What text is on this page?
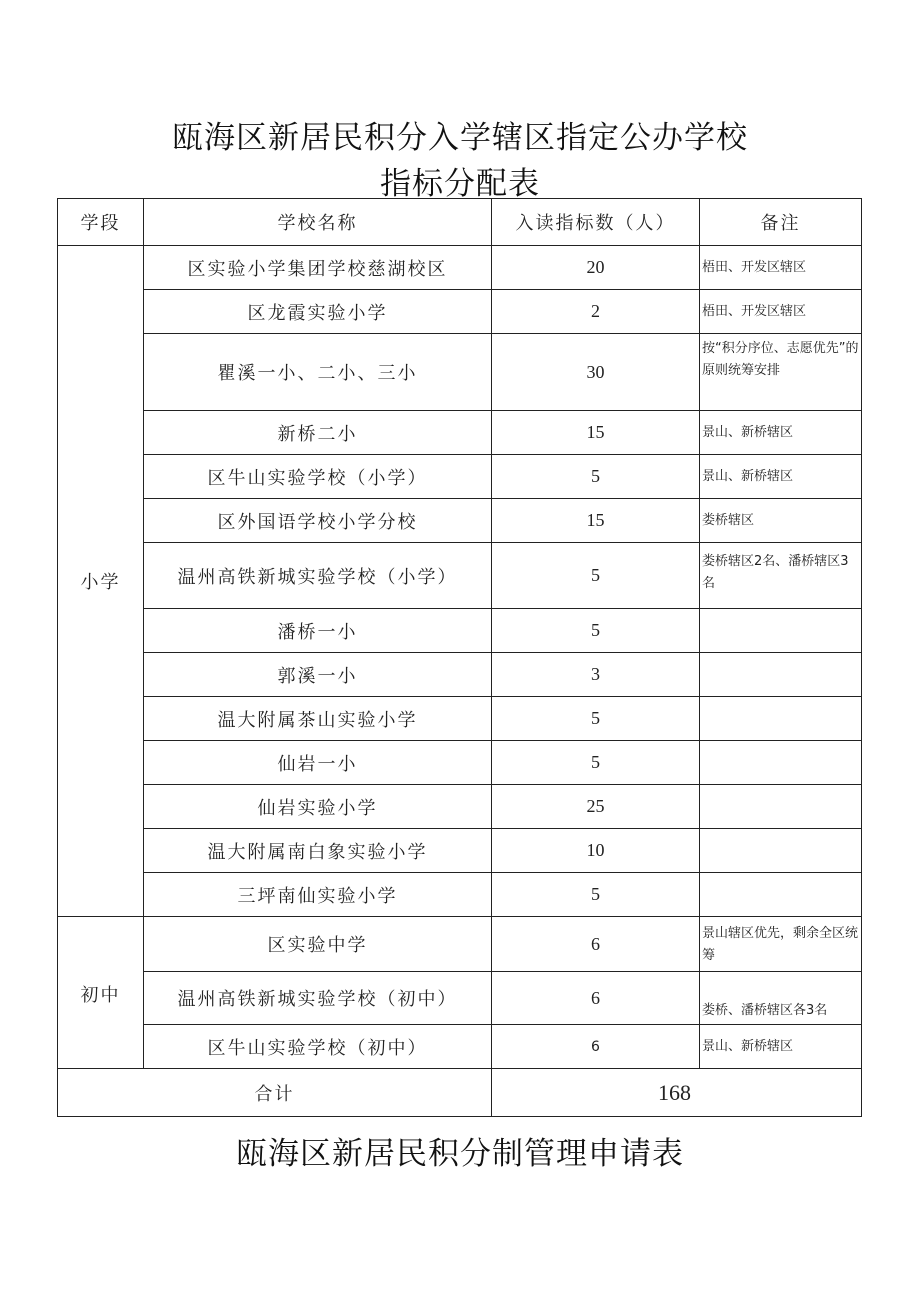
瓯海区新居民积分入学辖区指定公办学校
指标分配表
学段	学校名称	入读指标数（人）	备注
小学	区实验小学集团学校慈湖校区	20	梧田、开发区辖区
	区龙霞实验小学	2	梧田、开发区辖区
	瞿溪一小、二小、三小	30	按“积分序位、志愿优先”的原则统筹安排
	新桥二小	15	景山、新桥辖区
	区牛山实验学校（小学）	5	景山、新桥辖区
	区外国语学校小学分校	15	娄桥辖区
	温州高铁新城实验学校（小学）	5	娄桥辖区2名、潘桥辖区3名
	潘桥一小	5	
	郭溪一小	3	
	温大附属茶山实验小学	5	
	仙岩一小	5	
	仙岩实验小学	25	
	温大附属南白象实验小学	10	
	三坪南仙实验小学	5	
初中	区实验中学	6	景山辖区优先，剩余全区统筹
	温州高铁新城实验学校（初中）	6	娄桥、潘桥辖区各3名
	区牛山实验学校（初中）	6	景山、新桥辖区
合计		168	
瓯海区新居民积分制管理申请表
